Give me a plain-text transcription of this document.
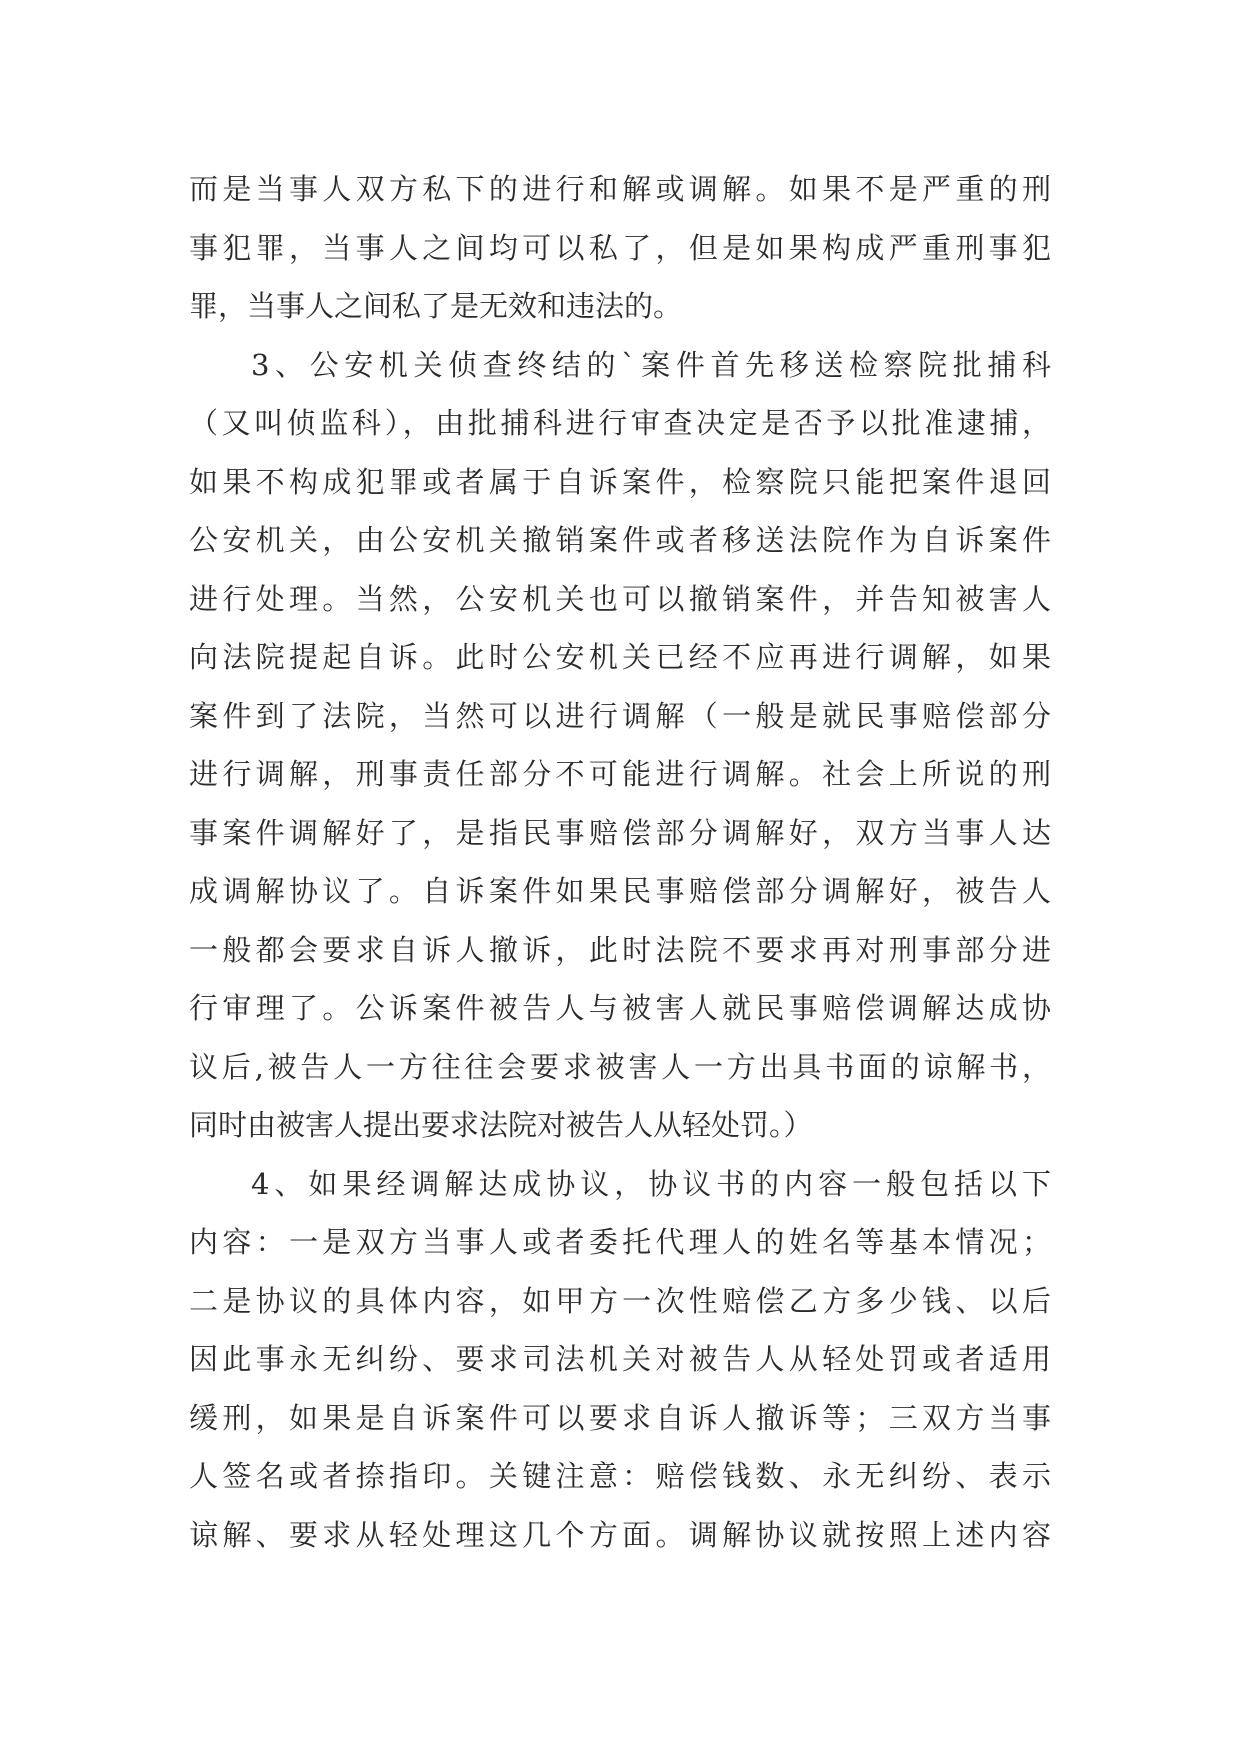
而是当事人双方私下的进行和解或调解。如果不是严重的刑
事犯罪，当事人之间均可以私了，但是如果构成严重刑事犯
罪，当事人之间私了是无效和违法的。
3、公安机关侦查终结的`案件首先移送检察院批捕科
（又叫侦监科），由批捕科进行审查决定是否予以批准逮捕，
如果不构成犯罪或者属于自诉案件，检察院只能把案件退回
公安机关，由公安机关撤销案件或者移送法院作为自诉案件
进行处理。当然，公安机关也可以撤销案件，并告知被害人
向法院提起自诉。此时公安机关已经不应再进行调解，如果
案件到了法院，当然可以进行调解（一般是就民事赔偿部分
进行调解，刑事责任部分不可能进行调解。社会上所说的刑
事案件调解好了，是指民事赔偿部分调解好，双方当事人达
成调解协议了。自诉案件如果民事赔偿部分调解好，被告人
一般都会要求自诉人撤诉，此时法院不要求再对刑事部分进
行审理了。公诉案件被告人与被害人就民事赔偿调解达成协
议后,被告人一方往往会要求被害人一方出具书面的谅解书，
同时由被害人提出要求法院对被告人从轻处罚。）
4、如果经调解达成协议，协议书的内容一般包括以下
内容：一是双方当事人或者委托代理人的姓名等基本情况；
二是协议的具体内容，如甲方一次性赔偿乙方多少钱、以后
因此事永无纠纷、要求司法机关对被告人从轻处罚或者适用
缓刑，如果是自诉案件可以要求自诉人撤诉等；三双方当事
人签名或者捺指印。关键注意：赔偿钱数、永无纠纷、表示
谅解、要求从轻处理这几个方面。调解协议就按照上述内容
